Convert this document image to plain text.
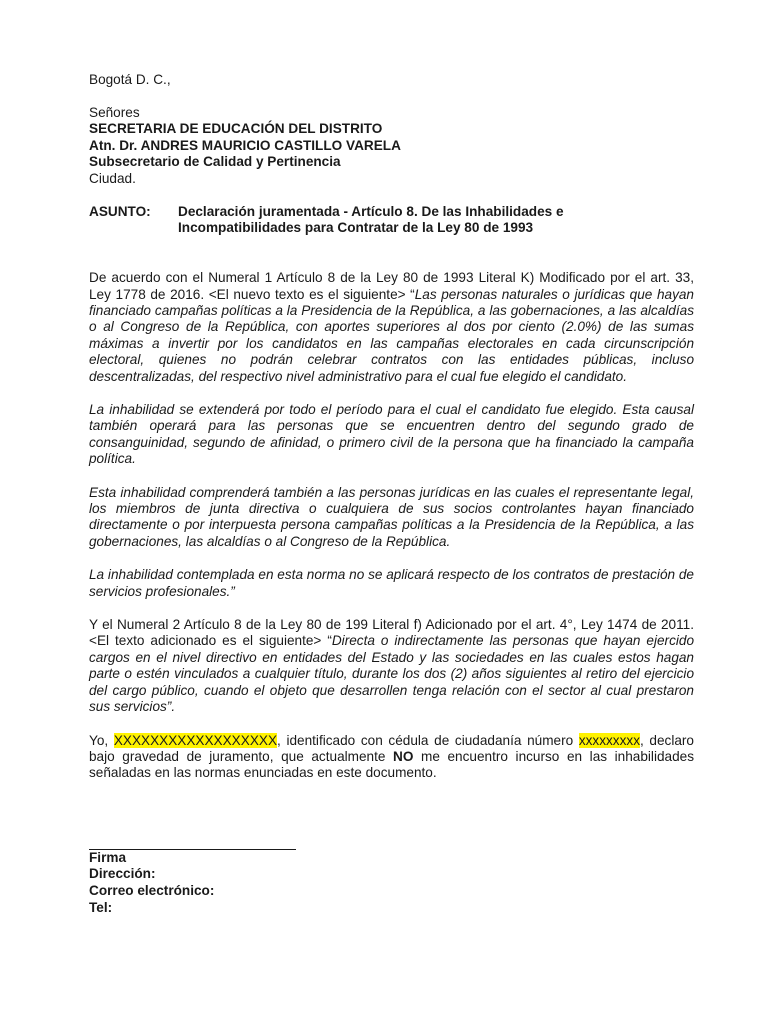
Bogotá D. C.,
Señores
SECRETARIA DE EDUCACIÓN DEL DISTRITO
Atn. Dr. ANDRES MAURICIO CASTILLO VARELA
Subsecretario de Calidad y Pertinencia
Ciudad.
ASUNTO:	Declaración juramentada - Artículo 8. De las Inhabilidades e Incompatibilidades para Contratar de la Ley 80 de 1993

De acuerdo con el Numeral 1 Artículo 8 de la Ley 80 de 1993 Literal K) Modificado por el art. 33, Ley 1778 de 2016. <El nuevo texto es el siguiente> “Las personas naturales o jurídicas que hayan financiado campañas políticas a la Presidencia de la República, a las gobernaciones, a las alcaldías o al Congreso de la República, con aportes superiores al dos por ciento (2.0%) de las sumas máximas a invertir por los candidatos en las campañas electorales en cada circunscripción electoral, quienes no podrán celebrar contratos con las entidades públicas, incluso descentralizadas, del respectivo nivel administrativo para el cual fue elegido el candidato.

La inhabilidad se extenderá por todo el período para el cual el candidato fue elegido. Esta causal también operará para las personas que se encuentren dentro del segundo grado de consanguinidad, segundo de afinidad, o primero civil de la persona que ha financiado la campaña política.

Esta inhabilidad comprenderá también a las personas jurídicas en las cuales el representante legal, los miembros de junta directiva o cualquiera de sus socios controlantes hayan financiado directamente o por interpuesta persona campañas políticas a la Presidencia de la República, a las gobernaciones, las alcaldías o al Congreso de la República.

La inhabilidad contemplada en esta norma no se aplicará respecto de los contratos de prestación de servicios profesionales.”

Y el Numeral 2 Artículo 8 de la Ley 80 de 199 Literal f) Adicionado por el art. 4°, Ley 1474 de 2011. <El texto adicionado es el siguiente> “Directa o indirectamente las personas que hayan ejercido cargos en el nivel directivo en entidades del Estado y las sociedades en las cuales estos hagan parte o estén vinculados a cualquier título, durante los dos (2) años siguientes al retiro del ejercicio del cargo público, cuando el objeto que desarrollen tenga relación con el sector al cual prestaron sus servicios”.

Yo, XXXXXXXXXXXXXXXXXX, identificado con cédula de ciudadanía número xxxxxxxxx, declaro bajo gravedad de juramento, que actualmente NO me encuentro incurso en las inhabilidades señaladas en las normas enunciadas en este documento.

Firma
Dirección:
Correo electrónico:
Tel:
